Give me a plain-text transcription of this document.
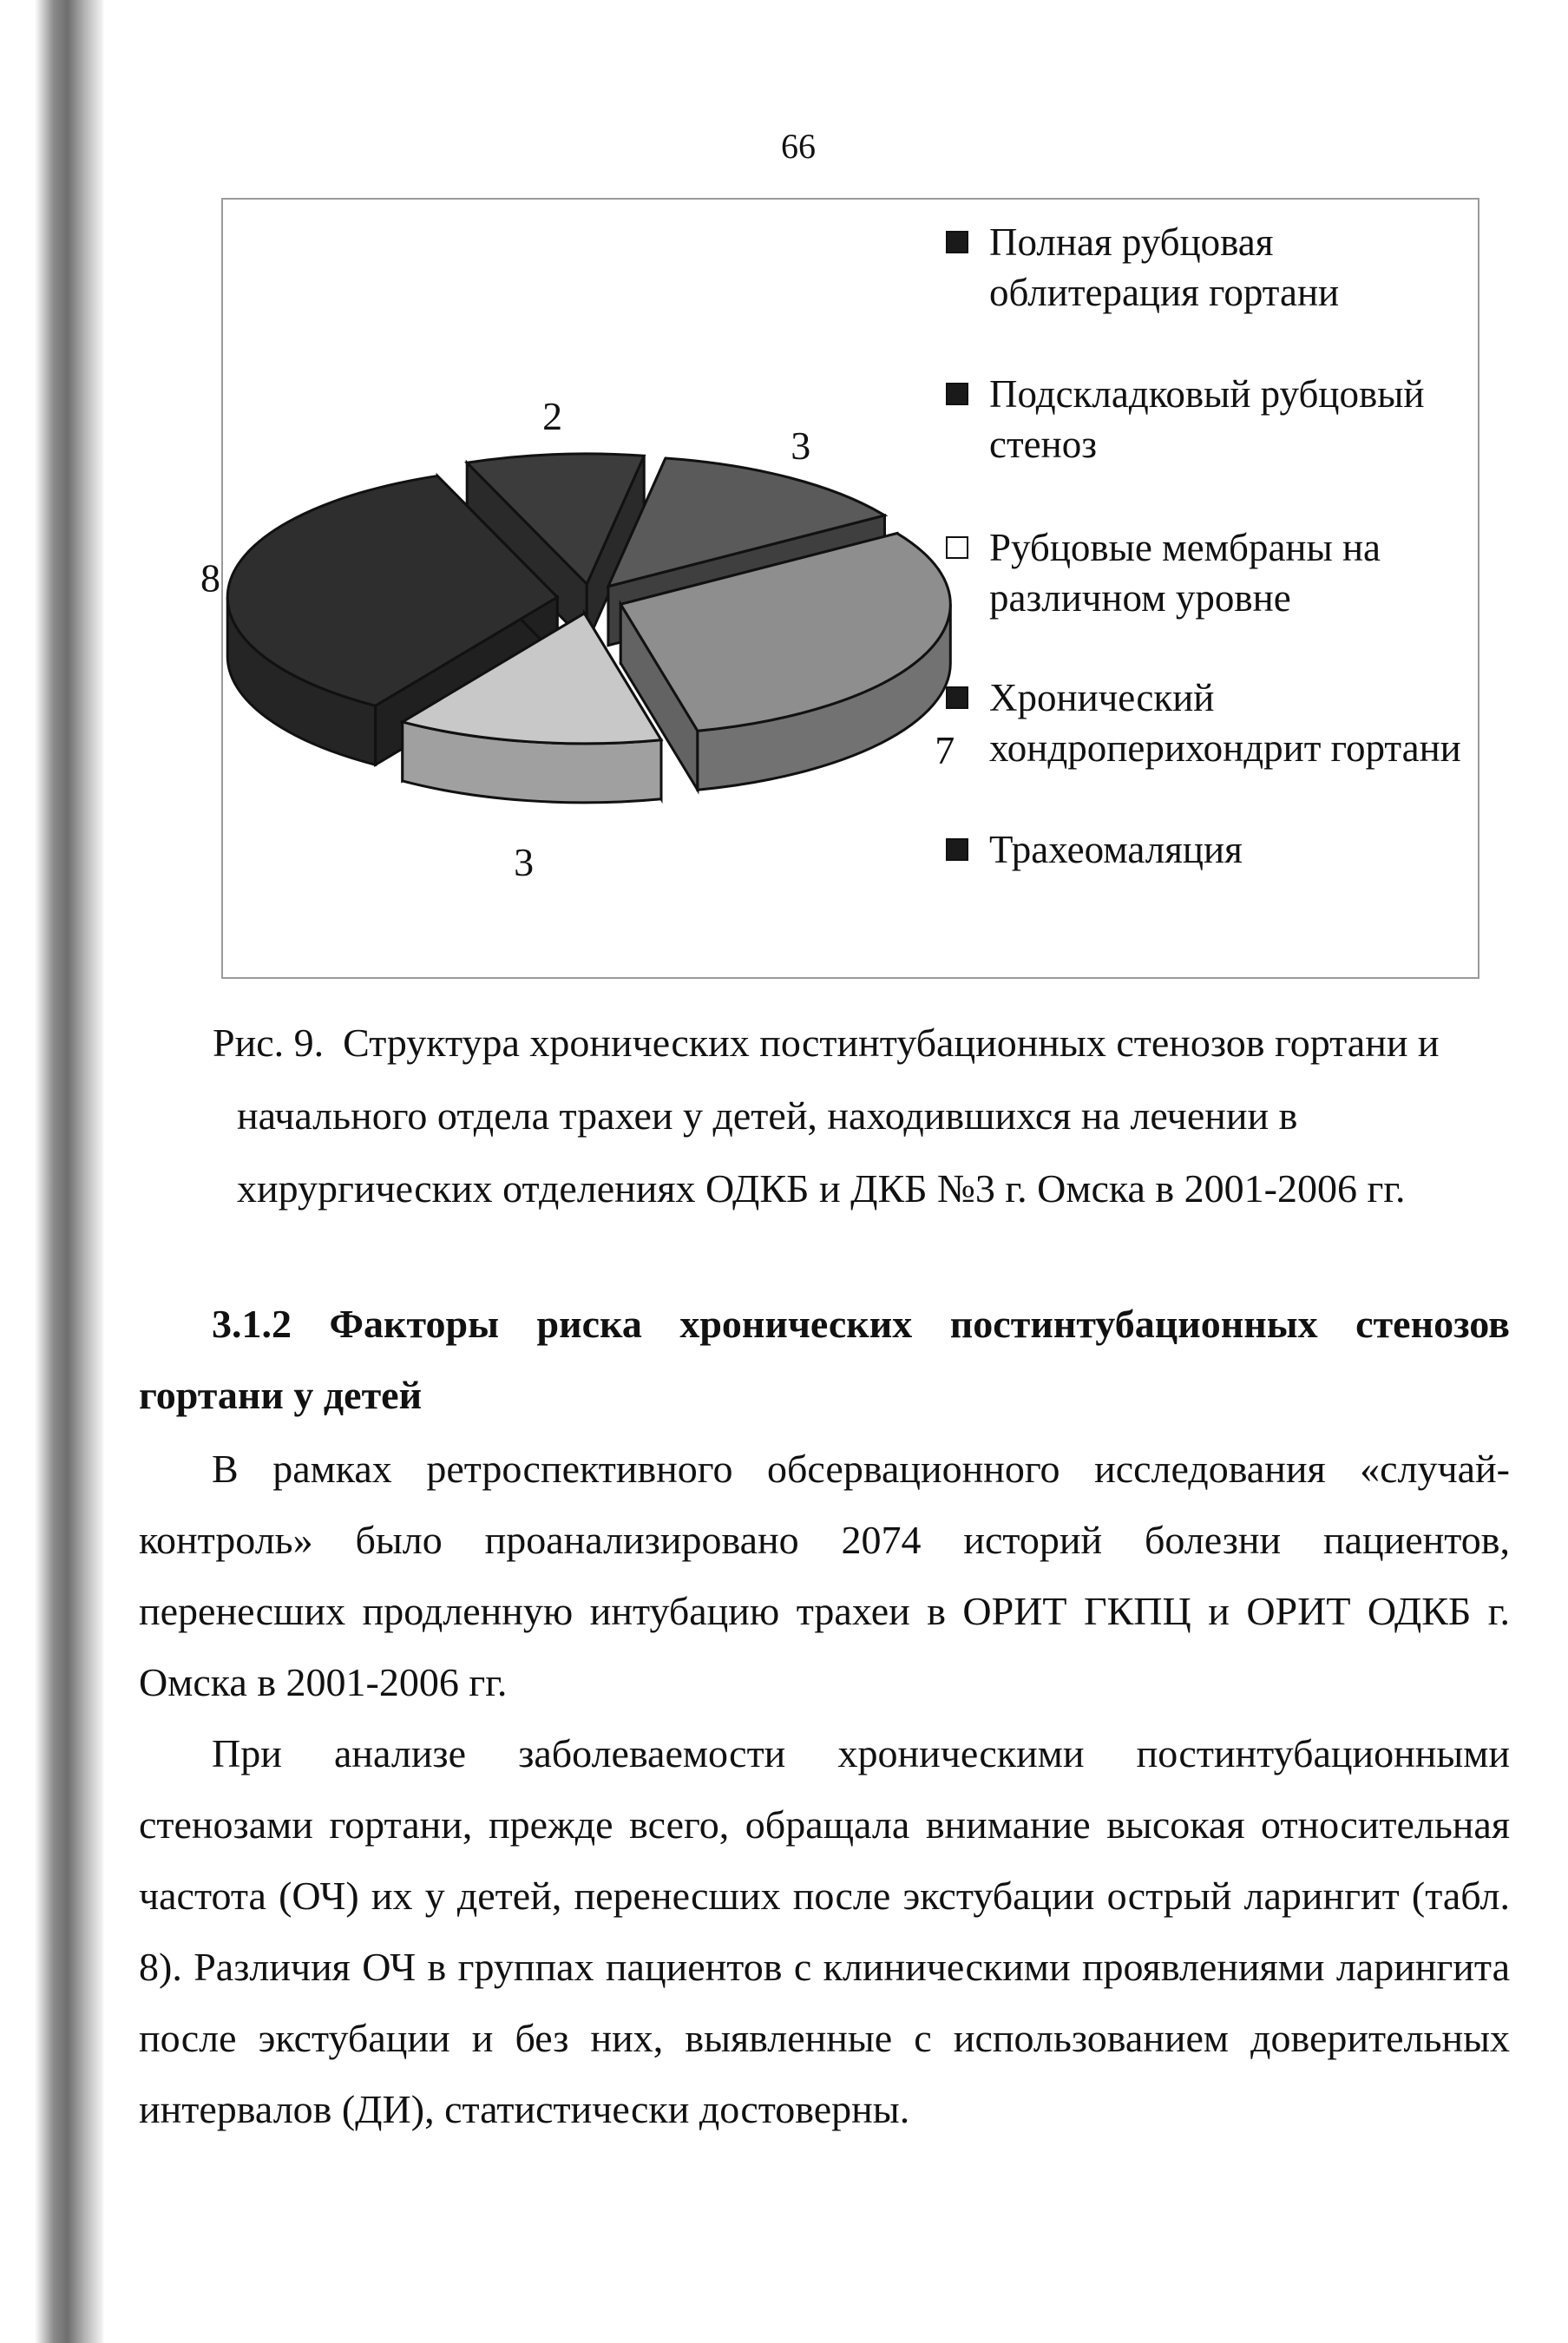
66
3
7
3
8
2
Полная рубцовая
облитерация гортани
Подскладковый рубцовый
стеноз
Рубцовые мембраны на
различном уровне
Хронический
хондроперихондрит гортани
Трахеомаляция
Рис. 9. Структура хронических постинтубационных стенозов гортани и
начального отдела трахеи у детей, находившихся на лечении в
хирургических отделениях ОДКБ и ДКБ №3 г. Омска в 2001-2006 гг.
3.1.2 Факторы риска хронических постинтубационных стенозов
гортани у детей
В рамках ретроспективного обсервационного исследования «случай-
контроль» было проанализировано 2074 историй болезни пациентов,
перенесших продленную интубацию трахеи в ОРИТ ГКПЦ и ОРИТ ОДКБ г.
Омска в 2001-2006 гг.
При анализе заболеваемости хроническими постинтубационными
стенозами гортани, прежде всего, обращала внимание высокая относительная
частота (ОЧ) их у детей, перенесших после экстубации острый ларингит (табл.
8). Различия ОЧ в группах пациентов с клиническими проявлениями ларингита
после экстубации и без них, выявленные с использованием доверительных
интервалов (ДИ), статистически достоверны.
